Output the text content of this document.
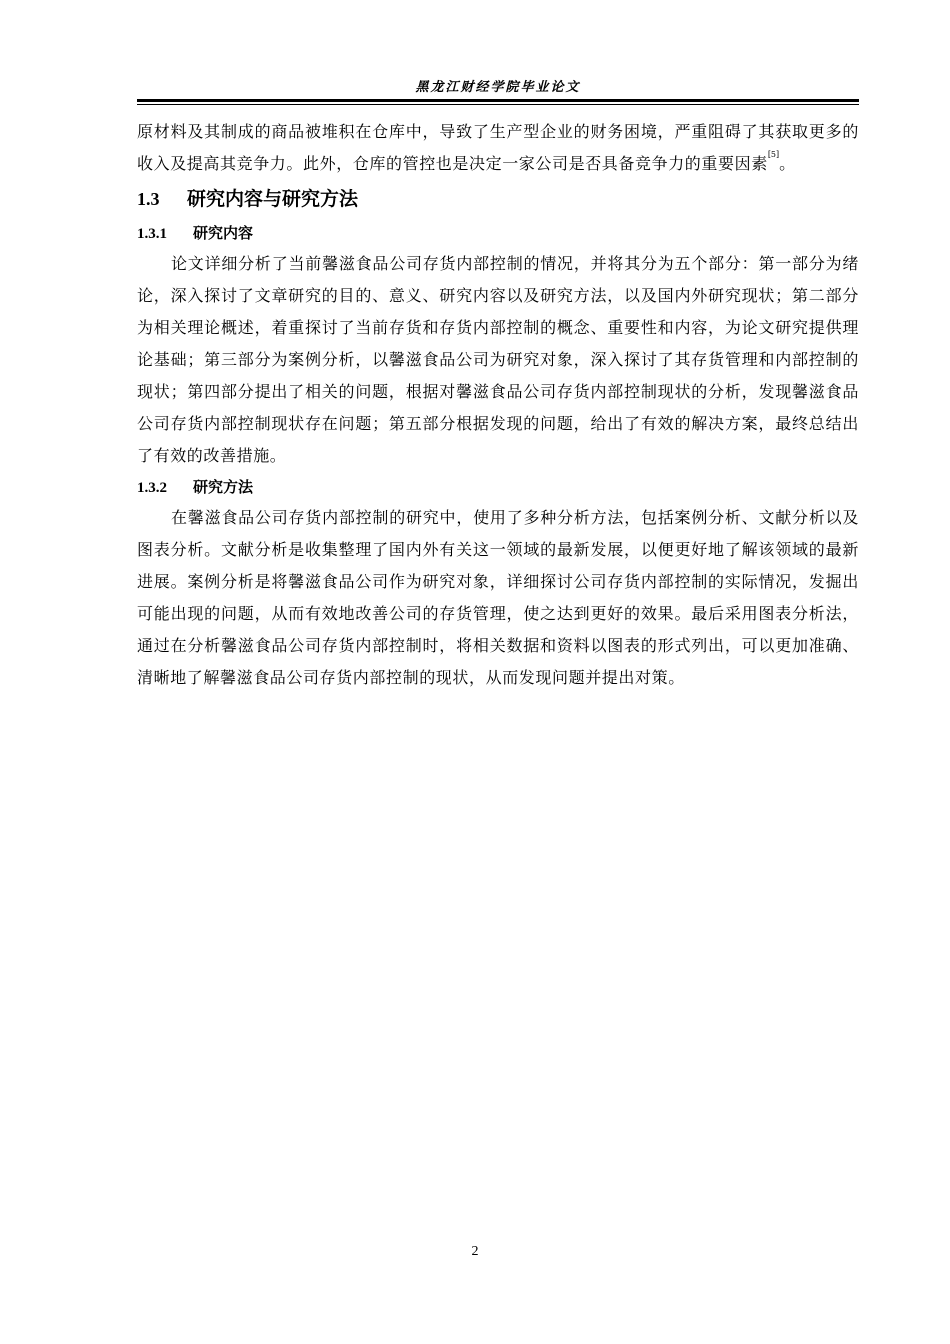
黑龙江财经学院毕业论文

原材料及其制成的商品被堆积在仓库中，导致了生产型企业的财务困境，严重阻碍了其获取更多的收入及提高其竞争力。此外，仓库的管控也是决定一家公司是否具备竞争力的重要因素[5]。

1.3 研究内容与研究方法
1.3.1 研究内容

论文详细分析了当前馨滋食品公司存货内部控制的情况，并将其分为五个部分：第一部分为绪论，深入探讨了文章研究的目的、意义、研究内容以及研究方法，以及国内外研究现状；第二部分为相关理论概述，着重探讨了当前存货和存货内部控制的概念、重要性和内容，为论文研究提供理论基础；第三部分为案例分析，以馨滋食品公司为研究对象，深入探讨了其存货管理和内部控制的现状；第四部分提出了相关的问题，根据对馨滋食品公司存货内部控制现状的分析，发现馨滋食品公司存货内部控制现状存在问题；第五部分根据发现的问题，给出了有效的解决方案，最终总结出了有效的改善措施。

1.3.2 研究方法

在馨滋食品公司存货内部控制的研究中，使用了多种分析方法，包括案例分析、文献分析以及图表分析。文献分析是收集整理了国内外有关这一领域的最新发展，以便更好地了解该领域的最新进展。案例分析是将馨滋食品公司作为研究对象，详细探讨公司存货内部控制的实际情况，发掘出可能出现的问题，从而有效地改善公司的存货管理，使之达到更好的效果。最后采用图表分析法，通过在分析馨滋食品公司存货内部控制时，将相关数据和资料以图表的形式列出，可以更加准确、清晰地了解馨滋食品公司存货内部控制的现状，从而发现问题并提出对策。

2
